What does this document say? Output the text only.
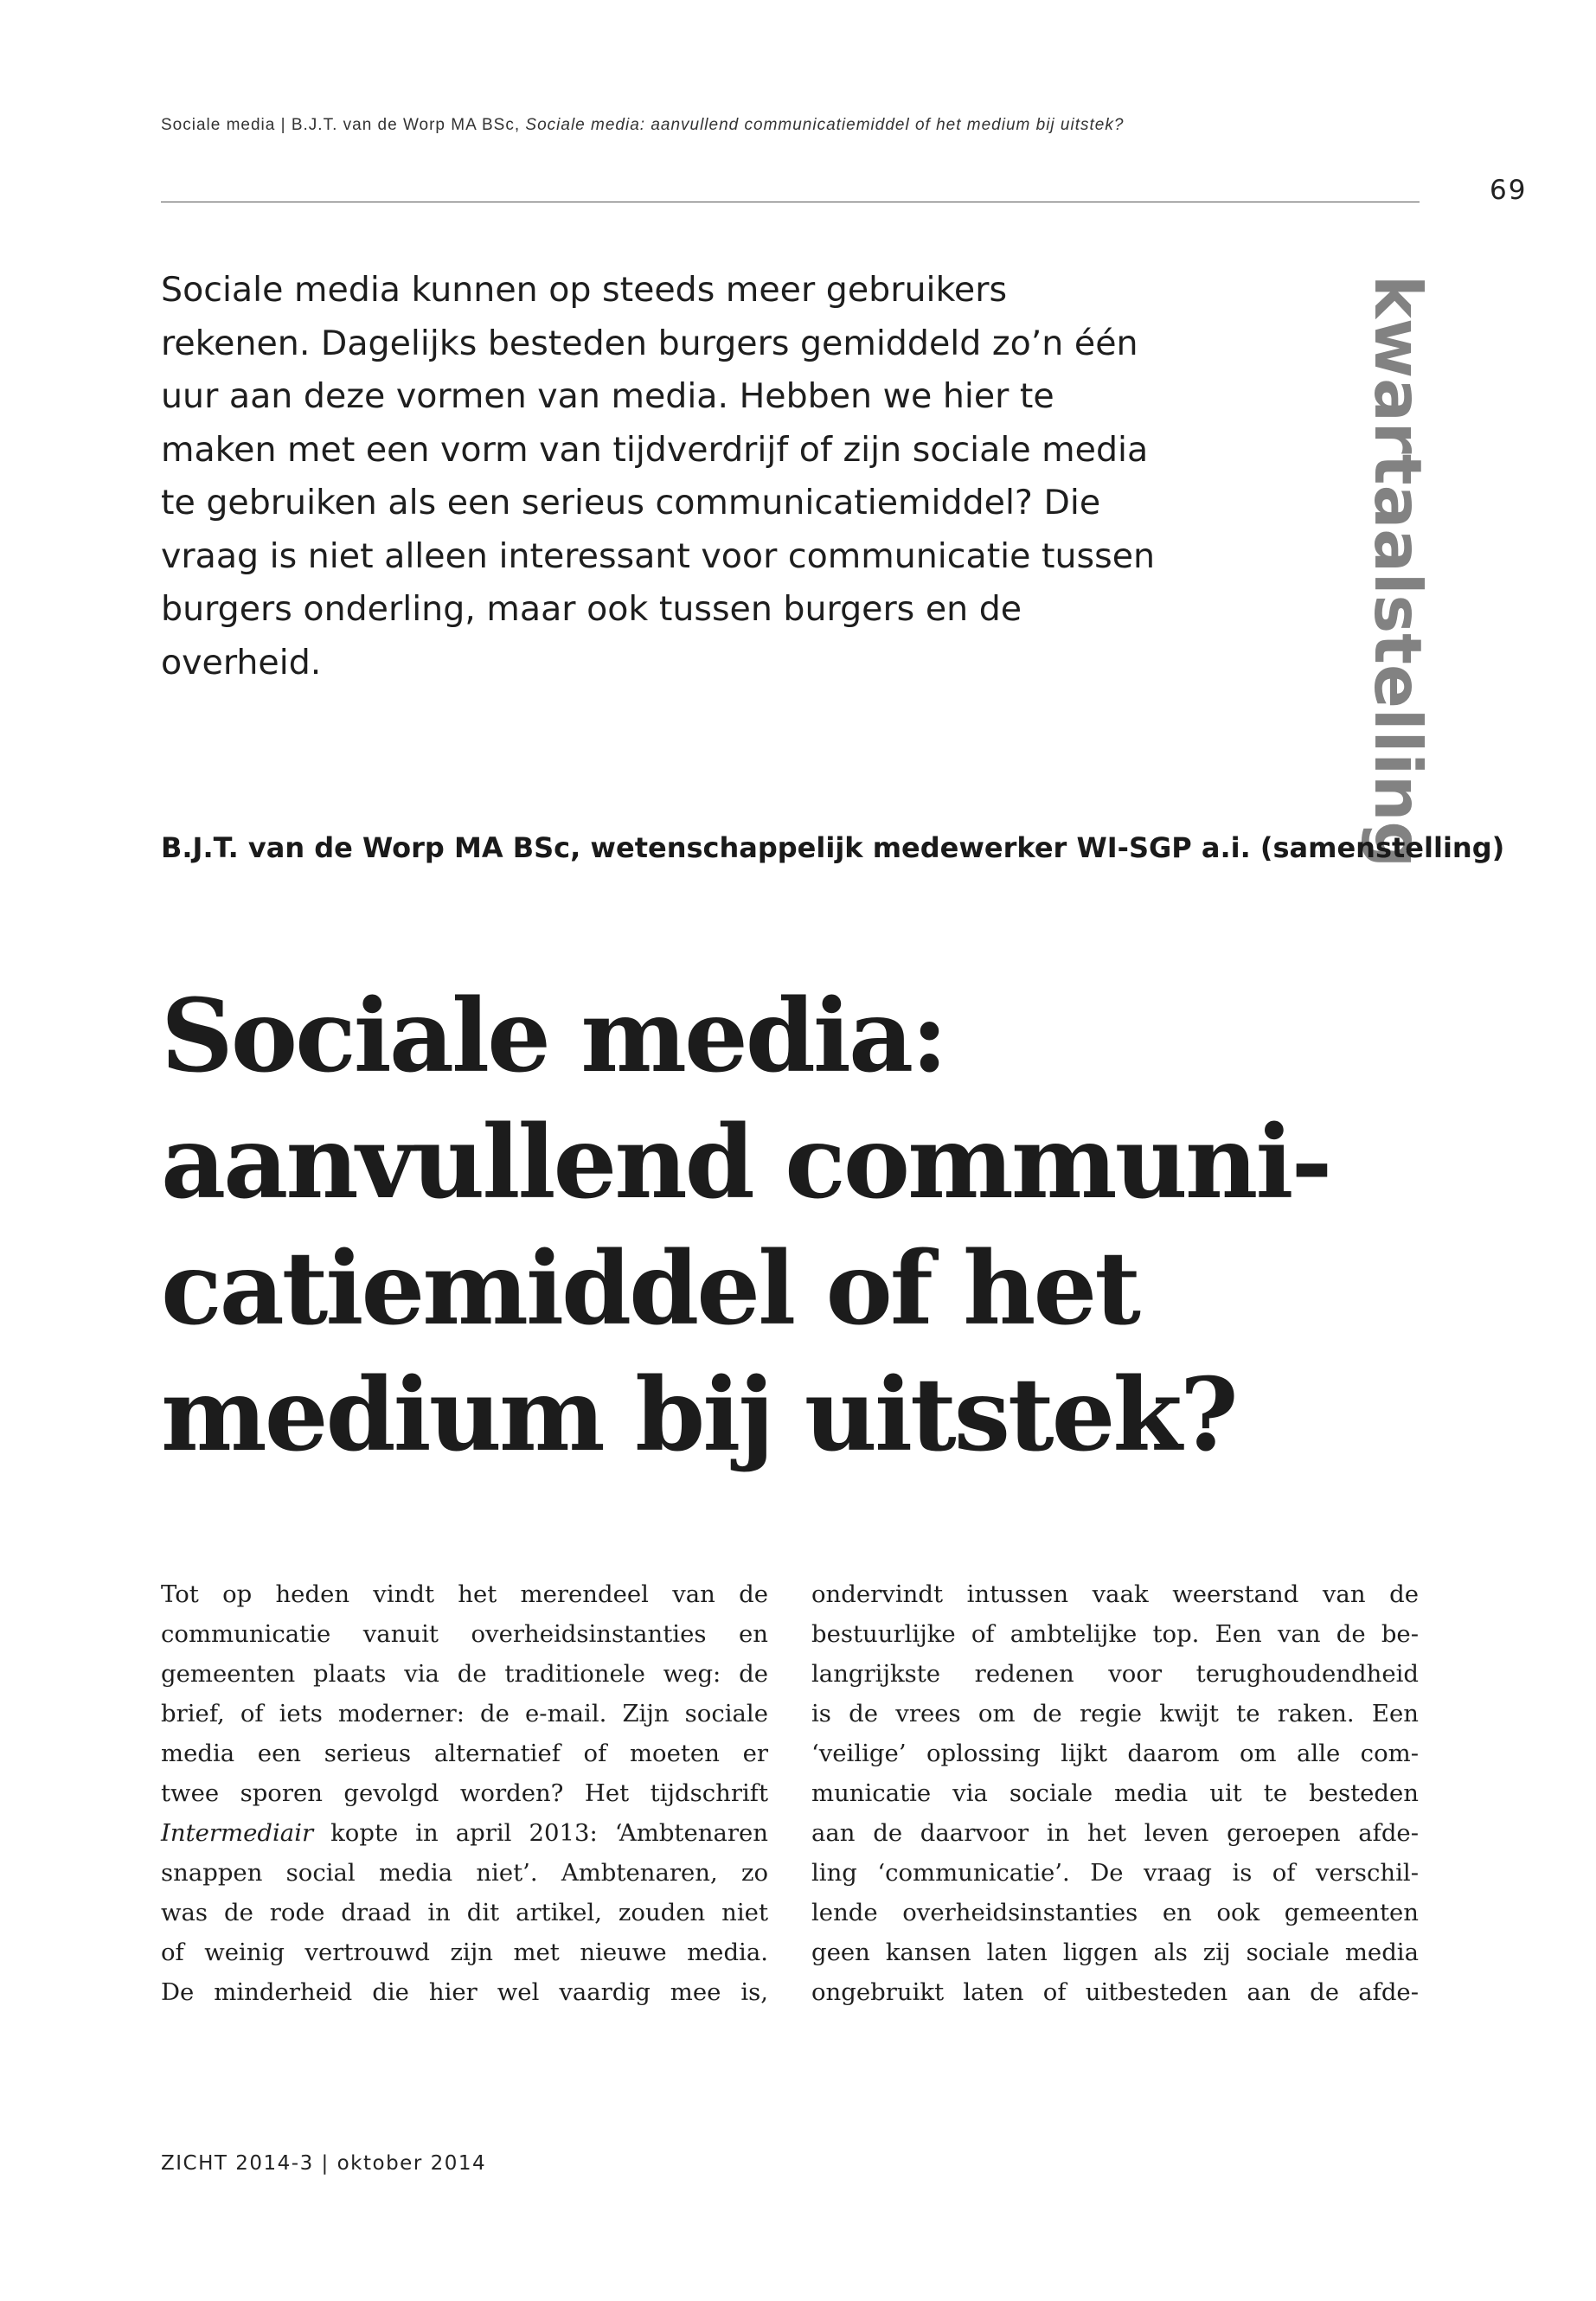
Sociale media | B.J.T. van de Worp MA BSc, Sociale media: aanvullend communicatiemiddel of het medium bij uitstek?
69
kwartaalstelling

Sociale media kunnen op steeds meer gebruikers
rekenen. Dagelijks besteden burgers gemiddeld zo’n één
uur aan deze vormen van media. Hebben we hier te
maken met een vorm van tijdverdrijf of zijn sociale media
te gebruiken als een serieus communicatiemiddel? Die
vraag is niet alleen interessant voor communicatie tussen
burgers onderling, maar ook tussen burgers en de
overheid.

B.J.T. van de Worp MA BSc, wetenschappelijk medewerker WI-SGP a.i. (samenstelling)
Sociale media:
aanvullend communi-
catiemiddel of het
medium bij uitstek?
Tot op heden vindt het merendeel van de
communicatie vanuit overheidsinstanties en
gemeenten plaats via de traditionele weg: de
brief, of iets moderner: de e-mail. Zijn sociale
media een serieus alternatief of moeten er
twee sporen gevolgd worden? Het tijdschrift
Intermediair kopte in april 2013: ‘Ambtenaren
snappen social media niet’. Ambtenaren, zo
was de rode draad in dit artikel, zouden niet
of weinig vertrouwd zijn met nieuwe media.
De minderheid die hier wel vaardig mee is,
ondervindt intussen vaak weerstand van de
bestuurlijke of ambtelijke top. Een van de be-
langrijkste redenen voor terughoudendheid
is de vrees om de regie kwijt te raken. Een
‘veilige’ oplossing lijkt daarom om alle com-
municatie via sociale media uit te besteden
aan de daarvoor in het leven geroepen afde-
ling ‘communicatie’. De vraag is of verschil-
lende overheidsinstanties en ook gemeenten
geen kansen laten liggen als zij sociale media
ongebruikt laten of uitbesteden aan de afde-
ZICHT 2014-3 | oktober 2014
